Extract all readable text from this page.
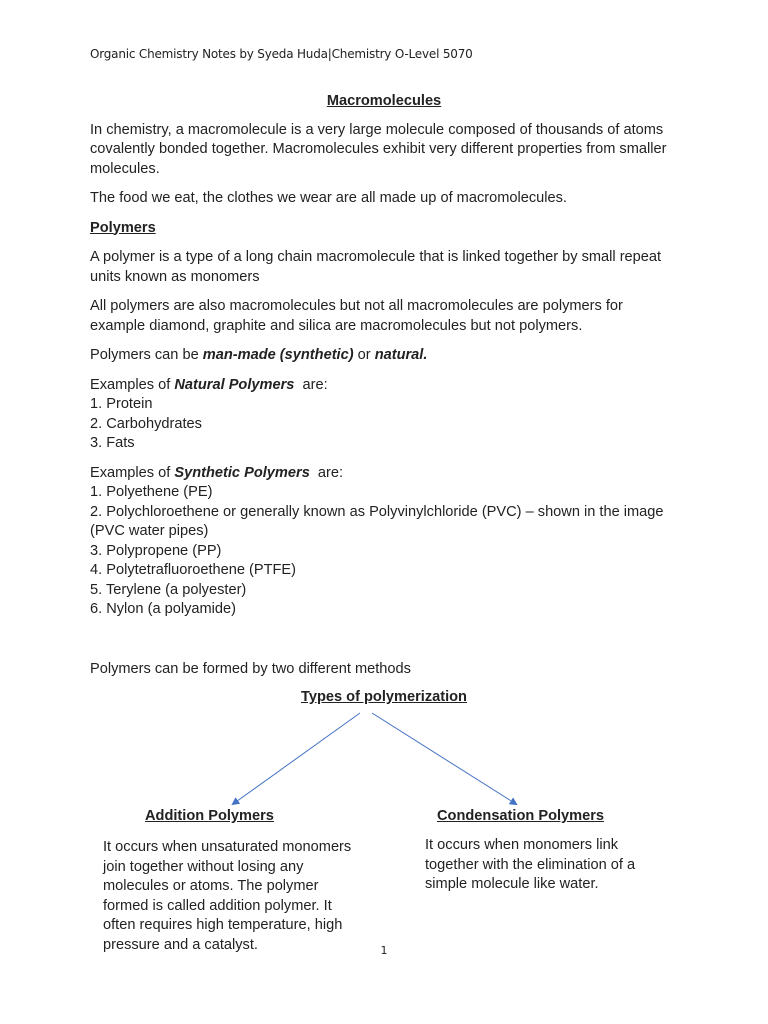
Organic Chemistry Notes by Syeda Huda|Chemistry O-Level 5070
Macromolecules

In chemistry, a macromolecule is a very large molecule composed of thousands of atoms covalently bonded together. Macromolecules exhibit very different properties from smaller molecules.

The food we eat, the clothes we wear are all made up of macromolecules.

Polymers

A polymer is a type of a long chain macromolecule that is linked together by small repeat units known as monomers

All polymers are also macromolecules but not all macromolecules are polymers for example diamond, graphite and silica are macromolecules but not polymers.

Polymers can be man-made (synthetic) or natural.

Examples of Natural Polymers  are:
1. Protein
2. Carbohydrates
3. Fats
Examples of Synthetic Polymers  are:
1. Polyethene (PE)
2. Polychloroethene or generally known as Polyvinylchloride (PVC) – shown in the image (PVC water pipes)
3. Polypropene (PP)
4. Polytetrafluoroethene (PTFE)
5. Terylene (a polyester)
6. Nylon (a polyamide)
Polymers can be formed by two different methods
Types of polymerization
Addition Polymers
It occurs when unsaturated monomers join together without losing any molecules or atoms. The polymer formed is called addition polymer. It often requires high temperature, high pressure and a catalyst.
Condensation Polymers
It occurs when monomers link together with the elimination of a simple molecule like water.
1
